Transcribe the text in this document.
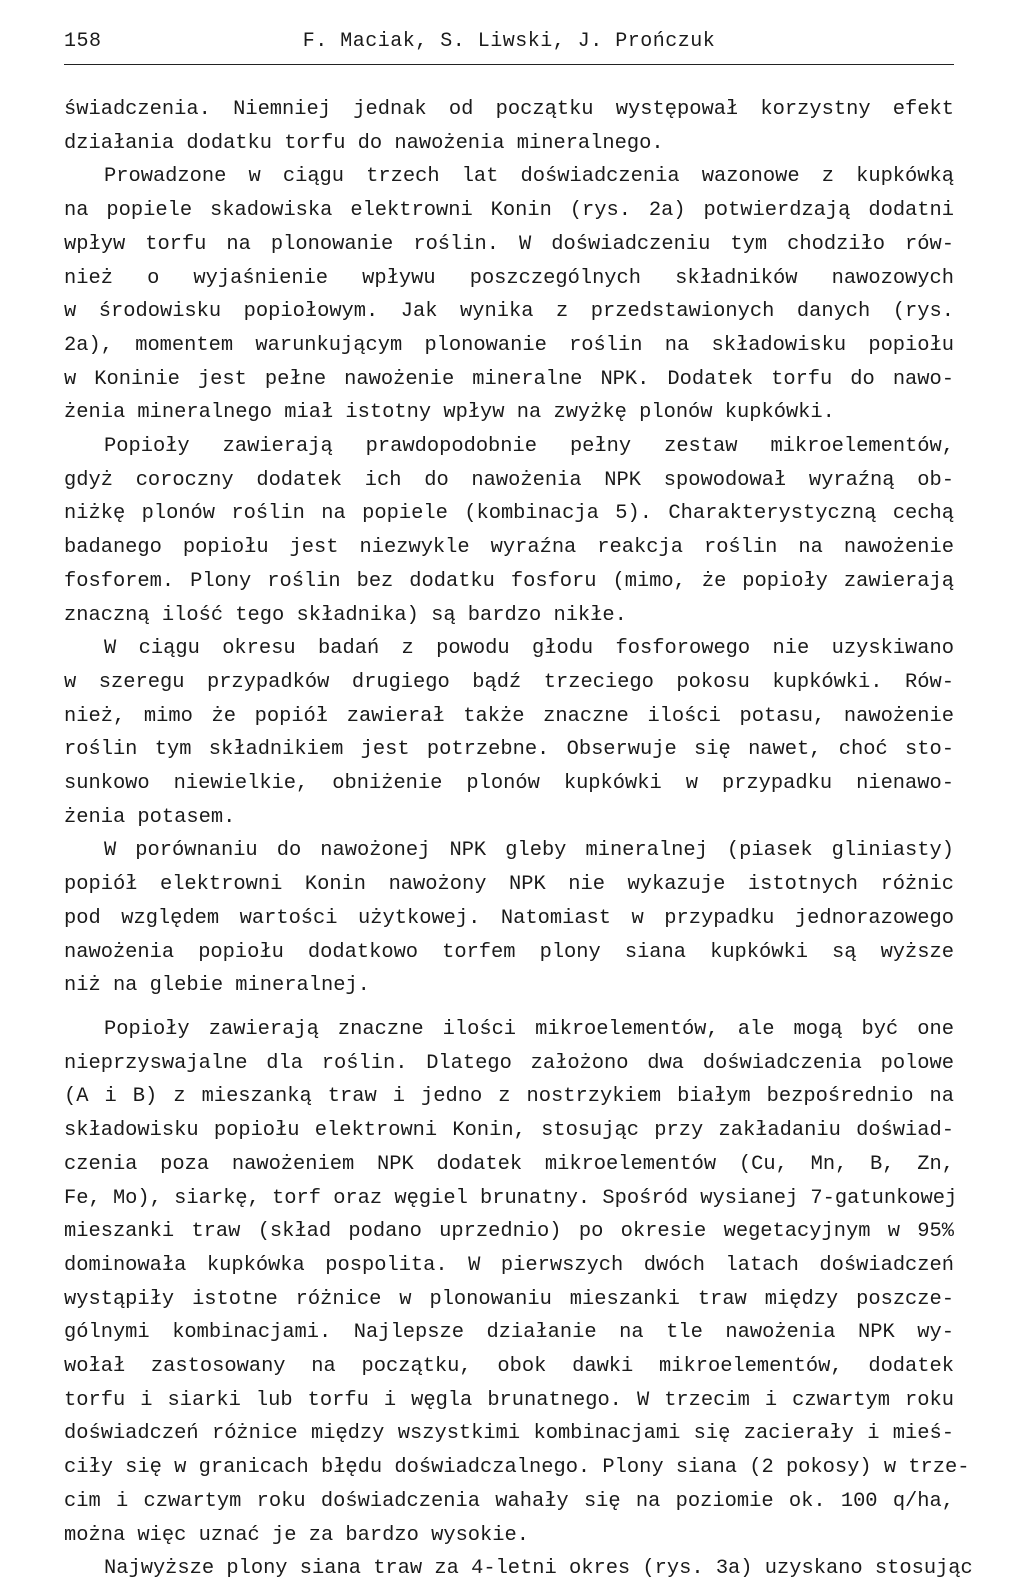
158	F. Maciak, S. Liwski, J. Prończuk
świadczenia. Niemniej jednak od początku występował korzystny efekt
działania dodatku torfu do nawożenia mineralnego.
Prowadzone w ciągu trzech lat doświadczenia wazonowe z kupkówką
na popiele skadowiska elektrowni Konin (rys. 2a) potwierdzają dodatni
wpływ torfu na plonowanie roślin. W doświadczeniu tym chodziło rów-
nież o wyjaśnienie wpływu poszczególnych składników nawozowych
w środowisku popiołowym. Jak wynika z przedstawionych danych (rys.
2a), momentem warunkującym plonowanie roślin na składowisku popiołu
w Koninie jest pełne nawożenie mineralne NPK. Dodatek torfu do nawo-
żenia mineralnego miał istotny wpływ na zwyżkę plonów kupkówki.
Popioły zawierają prawdopodobnie pełny zestaw mikroelementów,
gdyż coroczny dodatek ich do nawożenia NPK spowodował wyraźną ob-
niżkę plonów roślin na popiele (kombinacja 5). Charakterystyczną cechą
badanego popiołu jest niezwykle wyraźna reakcja roślin na nawożenie
fosforem. Plony roślin bez dodatku fosforu (mimo, że popioły zawierają
znaczną ilość tego składnika) są bardzo nikłe.
W ciągu okresu badań z powodu głodu fosforowego nie uzyskiwano
w szeregu przypadków drugiego bądź trzeciego pokosu kupkówki. Rów-
nież, mimo że popiół zawierał także znaczne ilości potasu, nawożenie
roślin tym składnikiem jest potrzebne. Obserwuje się nawet, choć sto-
sunkowo niewielkie, obniżenie plonów kupkówki w przypadku nienawo-
żenia potasem.
W porównaniu do nawożonej NPK gleby mineralnej (piasek gliniasty)
popiół elektrowni Konin nawożony NPK nie wykazuje istotnych różnic
pod względem wartości użytkowej. Natomiast w przypadku jednorazowego
nawożenia popiołu dodatkowo torfem plony siana kupkówki są wyższe
niż na glebie mineralnej.
Popioły zawierają znaczne ilości mikroelementów, ale mogą być one
nieprzyswajalne dla roślin. Dlatego założono dwa doświadczenia polowe
(A i B) z mieszanką traw i jedno z nostrzykiem białym bezpośrednio na
składowisku popiołu elektrowni Konin, stosując przy zakładaniu doświad-
czenia poza nawożeniem NPK dodatek mikroelementów (Cu, Mn, B, Zn,
Fe, Mo), siarkę, torf oraz węgiel brunatny. Spośród wysianej 7-gatunkowej
mieszanki traw (skład podano uprzednio) po okresie wegetacyjnym w 95%
dominowała kupkówka pospolita. W pierwszych dwóch latach doświadczeń
wystąpiły istotne różnice w plonowaniu mieszanki traw między poszcze-
gólnymi kombinacjami. Najlepsze działanie na tle nawożenia NPK wy-
wołał zastosowany na początku, obok dawki mikroelementów, dodatek
torfu i siarki lub torfu i węgla brunatnego. W trzecim i czwartym roku
doświadczeń różnice między wszystkimi kombinacjami się zacierały i mieś-
ciły się w granicach błędu doświadczalnego. Plony siana (2 pokosy) w trze-
cim i czwartym roku doświadczenia wahały się na poziomie ok. 100 q/ha,
można więc uznać je za bardzo wysokie.
Najwyższe plony siana traw za 4-letni okres (rys. 3a) uzyskano stosując
